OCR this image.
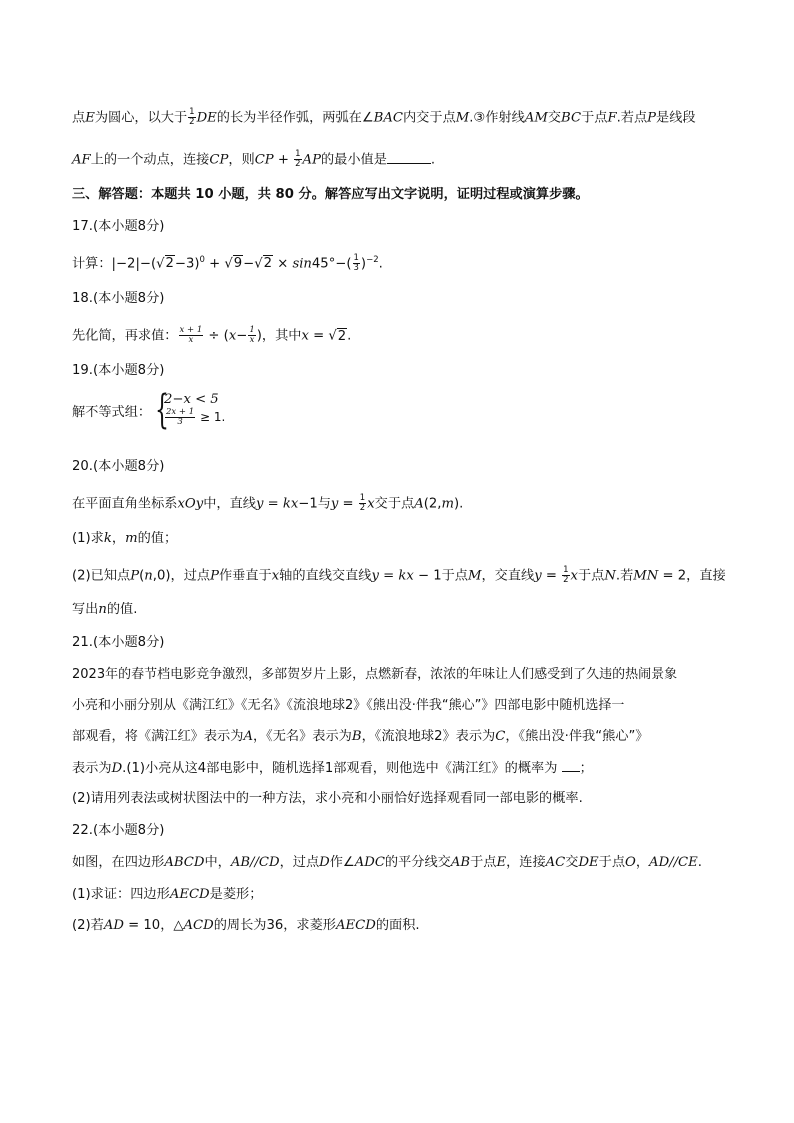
点E为圆心，以大于 $\frac{1}{2}$ DE的长为半径作弧，两弧在∠BAC内交于点M.③作射线AM交BC于点F.若点P是线段
AF上的一个动点，连接CP，则CP + $\frac{1}{2}$ AP的最小值是	.
三、解答题：本题共 10 小题，共 80 分。解答应写出文字说明，证明过程或演算步骤。
17.(本小题8分)
计算：$|-2|-(√2-3)^0 + √9-√2 \times \sin 45^\circ-( \frac{1}{3} )^{-2}$.
18.(本小题8分)
先化简，再求值： $\frac{x + 1}{x} \div (x- \frac{1}{x}$ )，其中x = √2.
19.(本小题8分)
解不等式组： {
2−x < 5
$\frac{2x + 1}{3} \ge 1$.
20.(本小题8分)
在平面直角坐标系xOy中，直线y = kx−1与$y = \frac{1}{2}$ x交于点A(2,m).
(1)求k，m的值；
(2)已知点P(n,0)，过点P作垂直于x轴的直线交直线y = kx − 1于点M，交直线$y = \frac{1}{2}$ x于点N.若MN = 2，直接
写出n的值.
21.(本小题8分)
2023年的春节档电影竞争激烈，多部贺岁片上影，点燃新春，浓浓的年味让人们感受到了久违的热闹景象
小亮和小丽分别从《满江红》《无名》《流浪地球2》《熊出没·伴我“熊心”》四部电影中随机选择一
部观看，将《满江红》表示为A，《无名》表示为B，《流浪地球2》表示为C，《熊出没·伴我“熊心”》
表示为D.(1)小亮从这4部电影中，随机选择1部观看，则他选中《满江红》的概率为 ；
(2)请用列表法或树状图法中的一种方法，求小亮和小丽恰好选择观看同一部电影的概率.
22.(本小题8分)
如图，在四边形ABCD中，AB//CD，过点D作∠ADC的平分线交AB于点E，连接AC交DE于点O，AD//CE.
(1)求证：四边形AECD是菱形；
(2)若AD = 10，△ACD的周长为36，求菱形AECD的面积.
